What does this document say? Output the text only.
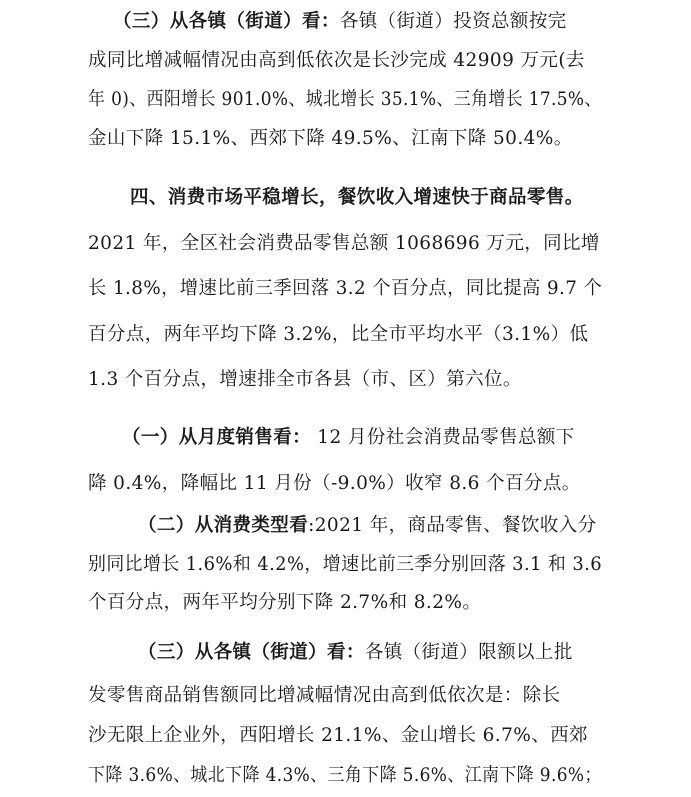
（三）从各镇（街道）看：各镇（街道）投资总额按完
成同比增减幅情况由高到低依次是长沙完成 42909 万元(去
年 0)、西阳增长 901.0%、城北增长 35.1%、三角增长 17.5%、
金山下降 15.1%、西郊下降 49.5%、江南下降 50.4%。
四、消费市场平稳增长，餐饮收入增速快于商品零售。
2021 年，全区社会消费品零售总额 1068696 万元，同比增
长 1.8%，增速比前三季回落 3.2 个百分点，同比提高 9.7 个
百分点，两年平均下降 3.2%，比全市平均水平（3.1%）低
1.3 个百分点，增速排全市各县（市、区）第六位。
（一）从月度销售看： 12 月份社会消费品零售总额下
降 0.4%，降幅比 11 月份（-9.0%）收窄 8.6 个百分点。
（二）从消费类型看:2021 年，商品零售、餐饮收入分
别同比增长 1.6%和 4.2%，增速比前三季分别回落 3.1 和 3.6
个百分点，两年平均分别下降 2.7%和 8.2%。
（三）从各镇（街道）看：各镇（街道）限额以上批
发零售商品销售额同比增减幅情况由高到低依次是：除长
沙无限上企业外，西阳增长 21.1%、金山增长 6.7%、西郊
下降 3.6%、城北下降 4.3%、三角下降 5.6%、江南下降 9.6%；
